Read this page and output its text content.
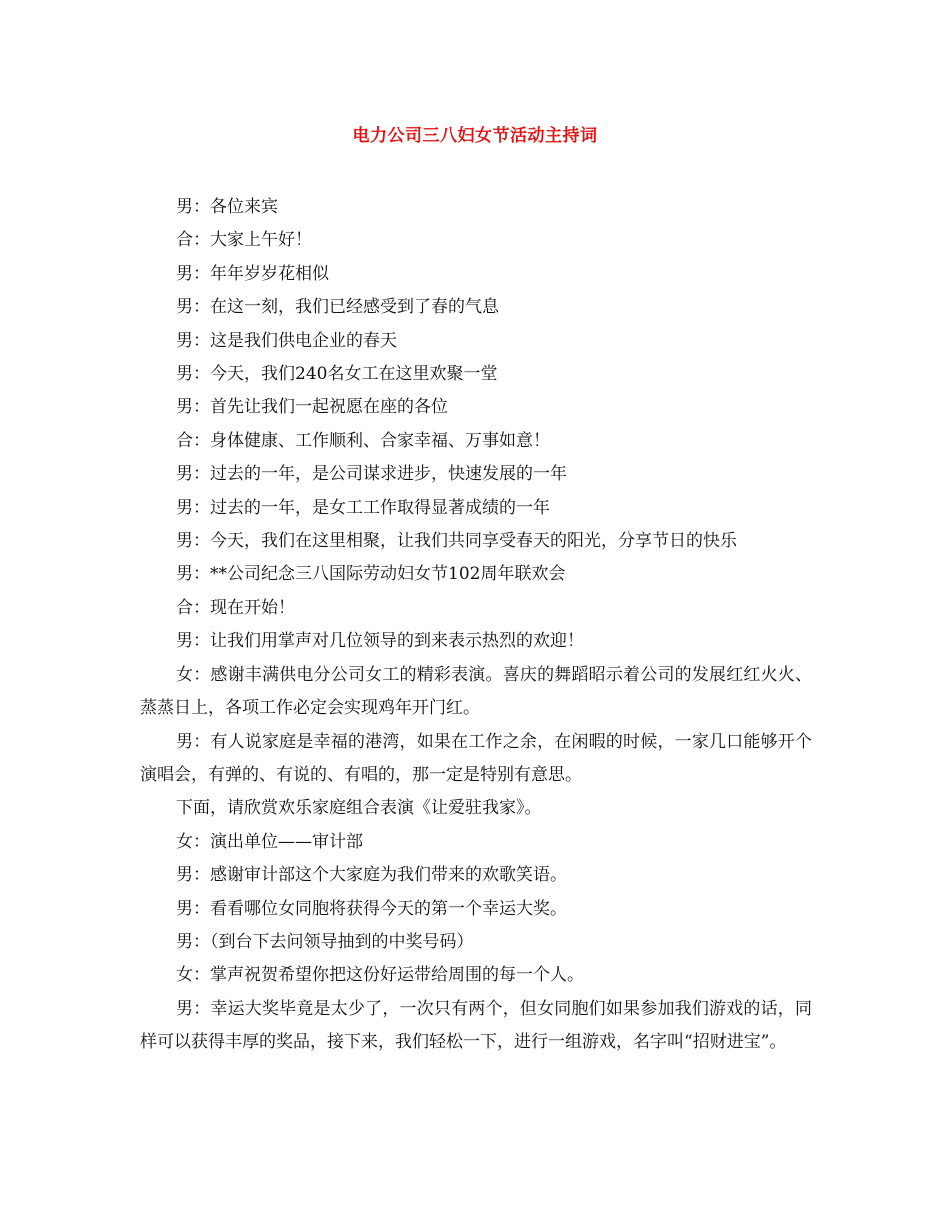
电力公司三八妇女节活动主持词

男：各位来宾

合：大家上午好！

男：年年岁岁花相似

男：在这一刻，我们已经感受到了春的气息

男：这是我们供电企业的春天

男：今天，我们240名女工在这里欢聚一堂

男：首先让我们一起祝愿在座的各位

合：身体健康、工作顺利、合家幸福、万事如意！

男：过去的一年，是公司谋求进步，快速发展的一年

男：过去的一年，是女工工作取得显著成绩的一年

男：今天，我们在这里相聚，让我们共同享受春天的阳光，分享节日的快乐

男：**公司纪念三八国际劳动妇女节102周年联欢会

合：现在开始！

男：让我们用掌声对几位领导的到来表示热烈的欢迎！

女：感谢丰满供电分公司女工的精彩表演。喜庆的舞蹈昭示着公司的发展红红火火、蒸蒸日上，各项工作必定会实现鸡年开门红。

男：有人说家庭是幸福的港湾，如果在工作之余，在闲暇的时候，一家几口能够开个演唱会，有弹的、有说的、有唱的，那一定是特别有意思。

下面，请欣赏欢乐家庭组合表演《让爱驻我家》。

女：演出单位——审计部

男：感谢审计部这个大家庭为我们带来的欢歌笑语。

男：看看哪位女同胞将获得今天的第一个幸运大奖。

男：（到台下去问领导抽到的中奖号码）

女：掌声祝贺希望你把这份好运带给周围的每一个人。

男：幸运大奖毕竟是太少了，一次只有两个，但女同胞们如果参加我们游戏的话，同样可以获得丰厚的奖品，接下来，我们轻松一下，进行一组游戏，名字叫“招财进宝”。
